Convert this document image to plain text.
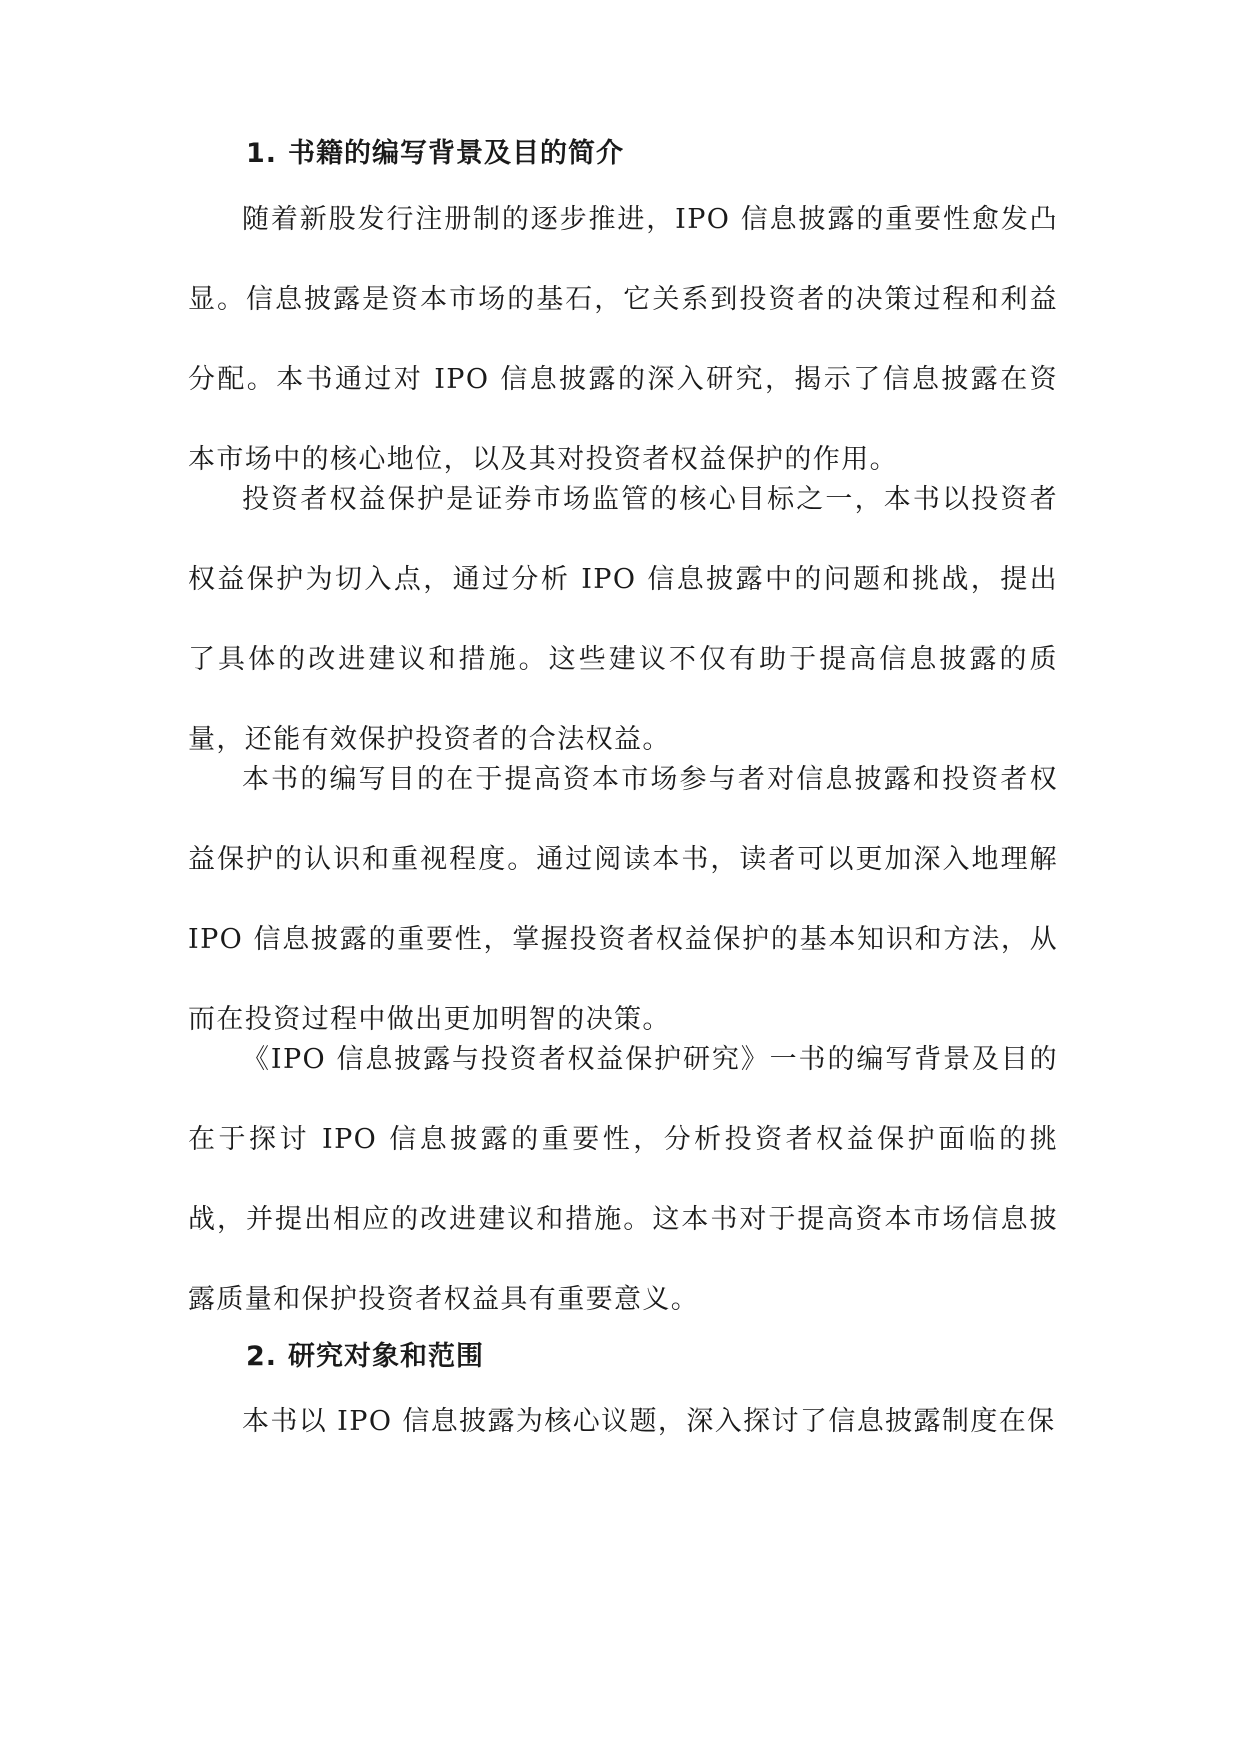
1. 书籍的编写背景及目的简介

随着新股发行注册制的逐步推进，IPO 信息披露的重要性愈发凸显。信息披露是资本市场的基石，它关系到投资者的决策过程和利益分配。本书通过对 IPO 信息披露的深入研究，揭示了信息披露在资本市场中的核心地位，以及其对投资者权益保护的作用。

投资者权益保护是证券市场监管的核心目标之一，本书以投资者权益保护为切入点，通过分析 IPO 信息披露中的问题和挑战，提出了具体的改进建议和措施。这些建议不仅有助于提高信息披露的质量，还能有效保护投资者的合法权益。

本书的编写目的在于提高资本市场参与者对信息披露和投资者权益保护的认识和重视程度。通过阅读本书，读者可以更加深入地理解 IPO 信息披露的重要性，掌握投资者权益保护的基本知识和方法，从而在投资过程中做出更加明智的决策。

《IPO 信息披露与投资者权益保护研究》一书的编写背景及目的在于探讨 IPO 信息披露的重要性，分析投资者权益保护面临的挑战，并提出相应的改进建议和措施。这本书对于提高资本市场信息披露质量和保护投资者权益具有重要意义。

2. 研究对象和范围

本书以 IPO 信息披露为核心议题，深入探讨了信息披露制度在保
